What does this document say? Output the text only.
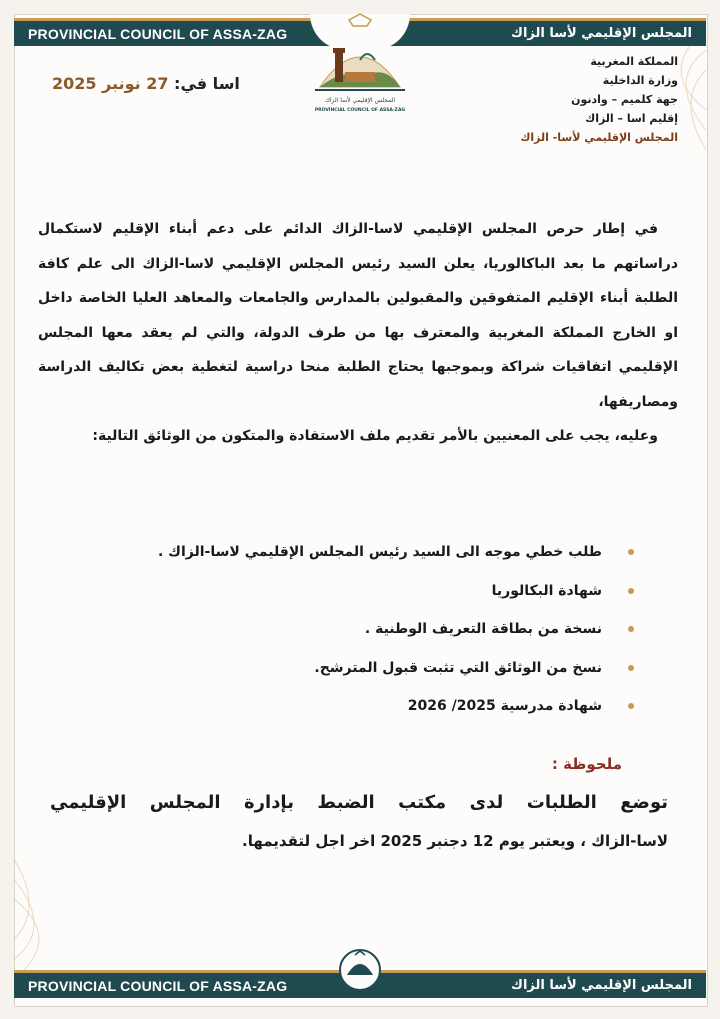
PROVINCIAL COUNCIL OF ASSA-ZAG	المجلس الإقليمي لأسا الزاك
المجلس الإقليمي لأسا الزاك
PROVINCIAL COUNCIL OF ASSA-ZAG
المملكة المغربية
وزارة الداخلية
جهة كلميم – وادنون
إقليم اسا – الزاك
المجلس الإقليمي لأسا- الزاك
اسا في: 27 نونبر 2025

في إطار حرص المجلس الإقليمي لاسا-الزاك الدائم على دعم أبناء الإقليم لاستكمال دراساتهم ما بعد الباكالوريا، يعلن السيد رئيس المجلس الإقليمي لاسا-الزاك الى علم كافة الطلبة أبناء الإقليم المتفوقين والمقبولين بالمدارس والجامعات والمعاهد العليا الخاصة داخل او الخارج المملكة المغربية والمعترف بها من طرف الدولة، والتي لم يعقد معها المجلس الإقليمي اتفاقيات شراكة وبموجبها يحتاج الطلبة منحا دراسية لتغطية بعض تكاليف الدراسة ومصاريفها،

وعليه، يجب على المعنيين بالأمر تقديم ملف الاستفادة والمتكون من الوثائق التالية:

طلب خطي موجه الى السيد رئيس المجلس الإقليمي لاسا-الزاك .
شهادة البكالوريا
نسخة من بطاقة التعريف الوطنية .
نسخ من الوثائق التي تثبت قبول المترشح.
شهادة مدرسية 2025/ 2026
ملحوظة :
توضع الطلبات لدى مكتب الضبط بإدارة المجلس الإقليمي
لاسا-الزاك ، ويعتبر يوم 12 دجنبر 2025 اخر اجل لتقديمها.
PROVINCIAL COUNCIL OF ASSA-ZAG	المجلس الإقليمي لأسا الزاك
